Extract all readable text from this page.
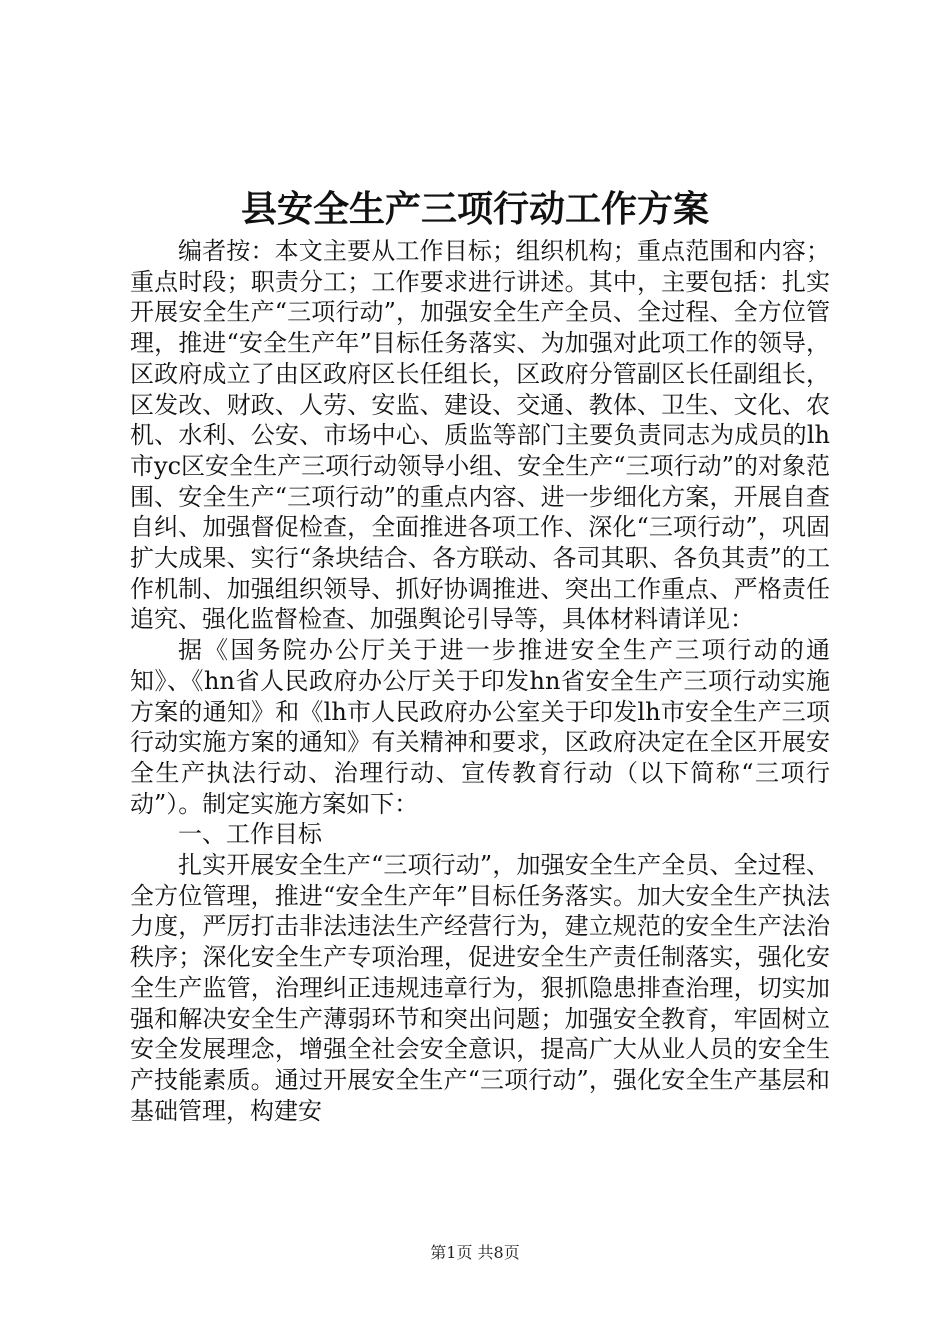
县安全生产三项行动工作方案

编者按：本文主要从工作目标；组织机构；重点范围和内容；重点时段；职责分工；工作要求进行讲述。其中，主要包括：扎实开展安全生产“三项行动”，加强安全生产全员、全过程、全方位管理，推进“安全生产年”目标任务落实、为加强对此项工作的领导，区政府成立了由区政府区长任组长，区政府分管副区长任副组长，区发改、财政、人劳、安监、建设、交通、教体、卫生、文化、农机、水利、公安、市场中心、质监等部门主要负责同志为成员的lh市yc区安全生产三项行动领导小组、安全生产“三项行动”的对象范围、安全生产“三项行动”的重点内容、进一步细化方案，开展自查自纠、加强督促检查，全面推进各项工作、深化“三项行动”，巩固扩大成果、实行“条块结合、各方联动、各司其职、各负其责”的工作机制、加强组织领导、抓好协调推进、突出工作重点、严格责任追究、强化监督检查、加强舆论引导等，具体材料请详见：

据《国务院办公厅关于进一步推进安全生产三项行动的通知》、《hn省人民政府办公厅关于印发hn省安全生产三项行动实施方案的通知》和《lh市人民政府办公室关于印发lh市安全生产三项行动实施方案的通知》有关精神和要求，区政府决定在全区开展安全生产执法行动、治理行动、宣传教育行动（以下简称“三项行动”）。制定实施方案如下：

一、工作目标

扎实开展安全生产“三项行动”，加强安全生产全员、全过程、全方位管理，推进“安全生产年”目标任务落实。加大安全生产执法力度，严厉打击非法违法生产经营行为，建立规范的安全生产法治秩序；深化安全生产专项治理，促进安全生产责任制落实，强化安全生产监管，治理纠正违规违章行为，狠抓隐患排查治理，切实加强和解决安全生产薄弱环节和突出问题；加强安全教育，牢固树立安全发展理念，增强全社会安全意识，提高广大从业人员的安全生产技能素质。通过开展安全生产“三项行动”，强化安全生产基层和基础管理，构建安

第1页 共8页
